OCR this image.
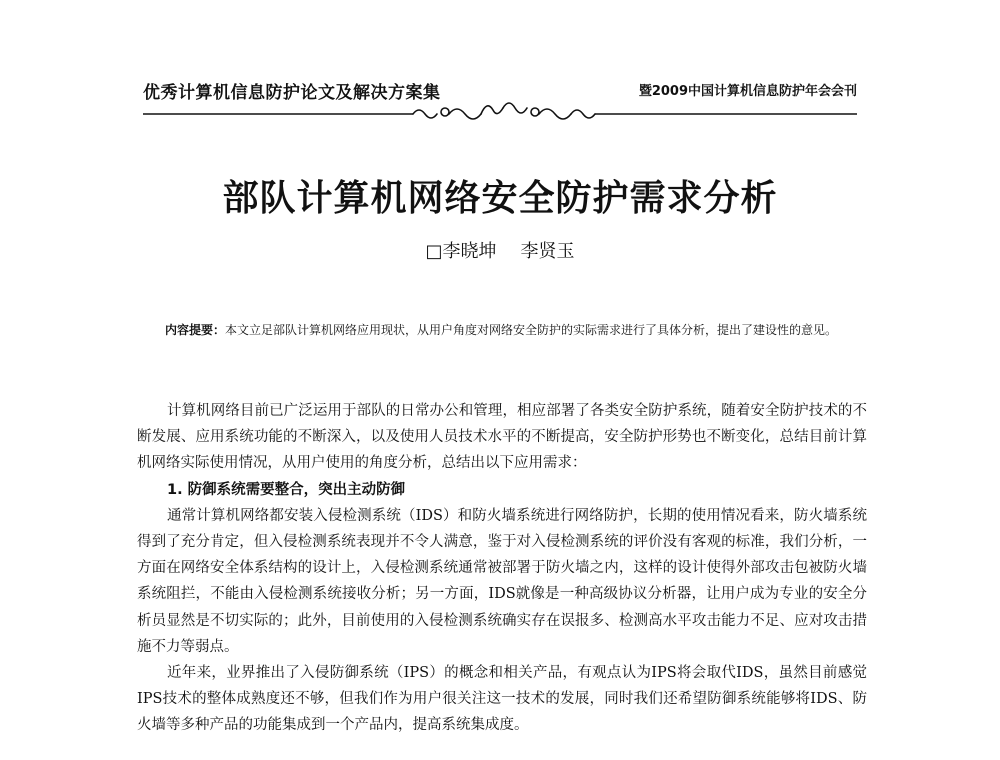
优秀计算机信息防护论文及解决方案集	暨2009中国计算机信息防护年会会刊
部队计算机网络安全防护需求分析
□李晓坤 李贤玉
内容提要：本文立足部队计算机网络应用现状，从用户角度对网络安全防护的实际需求进行了具体分析，提出了建设性的意见。

计算机网络目前已广泛运用于部队的日常办公和管理，相应部署了各类安全防护系统，随着安全防护技术的不断发展、应用系统功能的不断深入，以及使用人员技术水平的不断提高，安全防护形势也不断变化，总结目前计算机网络实际使用情况，从用户使用的角度分析，总结出以下应用需求：

1. 防御系统需要整合，突出主动防御

通常计算机网络都安装入侵检测系统（IDS）和防火墙系统进行网络防护，长期的使用情况看来，防火墙系统得到了充分肯定，但入侵检测系统表现并不令人满意，鉴于对入侵检测系统的评价没有客观的标准，我们分析，一方面在网络安全体系结构的设计上，入侵检测系统通常被部署于防火墙之内，这样的设计使得外部攻击包被防火墙系统阻拦，不能由入侵检测系统接收分析；另一方面，IDS就像是一种高级协议分析器，让用户成为专业的安全分析员显然是不切实际的；此外，目前使用的入侵检测系统确实存在误报多、检测高水平攻击能力不足、应对攻击措施不力等弱点。

近年来，业界推出了入侵防御系统（IPS）的概念和相关产品，有观点认为IPS将会取代IDS，虽然目前感觉IPS技术的整体成熟度还不够，但我们作为用户很关注这一技术的发展，同时我们还希望防御系统能够将IDS、防火墙等多种产品的功能集成到一个产品内，提高系统集成度。
